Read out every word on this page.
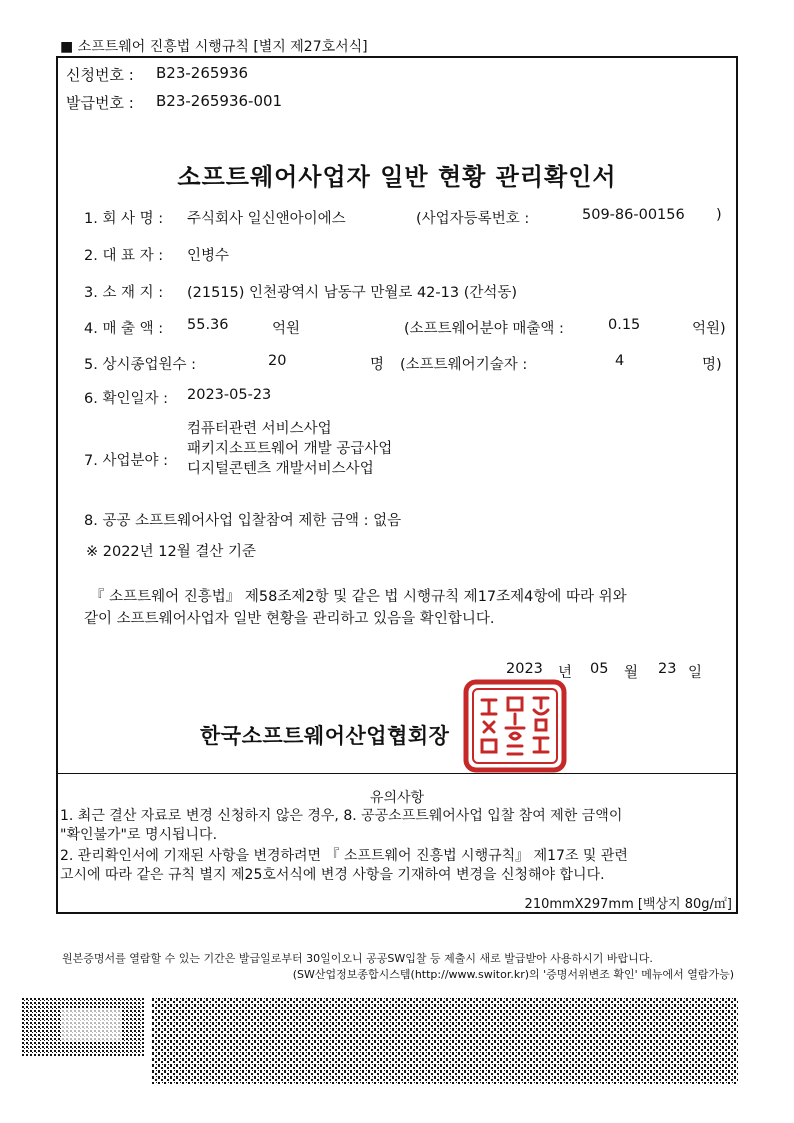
■ 소프트웨어 진흥법 시행규칙 [별지 제27호서식]
신청번호 : B23-265936
발급번호 : B23-265936-001
소프트웨어사업자 일반 현황 관리확인서
1. 회 사 명 : 주식회사 일신앤아이에스	(사업자등록번호 :	509-86-00156 )
2. 대 표 자 : 인병수
3. 소 재 지 : (21515) 인천광역시 남동구 만월로 42-13 (간석동)
4. 매 출 액 : 55.36	억원	(소프트웨어분야 매출액 :	0.15	억원)
5. 상시종업원수 :	20	명 (소프트웨어기술자 :	4	명)
6. 확인일자 : 2023-05-23
7. 사업분야 :
컴퓨터관련 서비스사업
패키지소프트웨어 개발 공급사업
디지털콘텐츠 개발서비스사업
8. 공공 소프트웨어사업 입찰참여 제한 금액 : 없음
※ 2022년 12월 결산 기준
『 소프트웨어 진흥법』 제58조제2항 및 같은 법 시행규칙 제17조제4항에 따라 위와
같이 소프트웨어사업자 일반 현황을 관리하고 있음을 확인합니다.
2023 년 05 월 23 일
한국소프트웨어산업협회장
유의사항
1. 최근 결산 자료로 변경 신청하지 않은 경우, 8. 공공소프트웨어사업 입찰 참여 제한 금액이
"확인불가"로 명시됩니다.
2. 관리확인서에 기재된 사항을 변경하려면 『 소프트웨어 진흥법 시행규칙』 제17조 및 관련
고시에 따라 같은 규칙 별지 제25호서식에 변경 사항을 기재하여 변경을 신청해야 합니다.
210mmX297mm [백상지 80g/㎡]
원본증명서를 열람할 수 있는 기간은 발급일로부터 30일이오니 공공SW입찰 등 제출시 새로 발급받아 사용하시기 바랍니다.
(SW산업정보종합시스템(http://www.switor.kr)의 '증명서위변조 확인' 메뉴에서 열람가능)
